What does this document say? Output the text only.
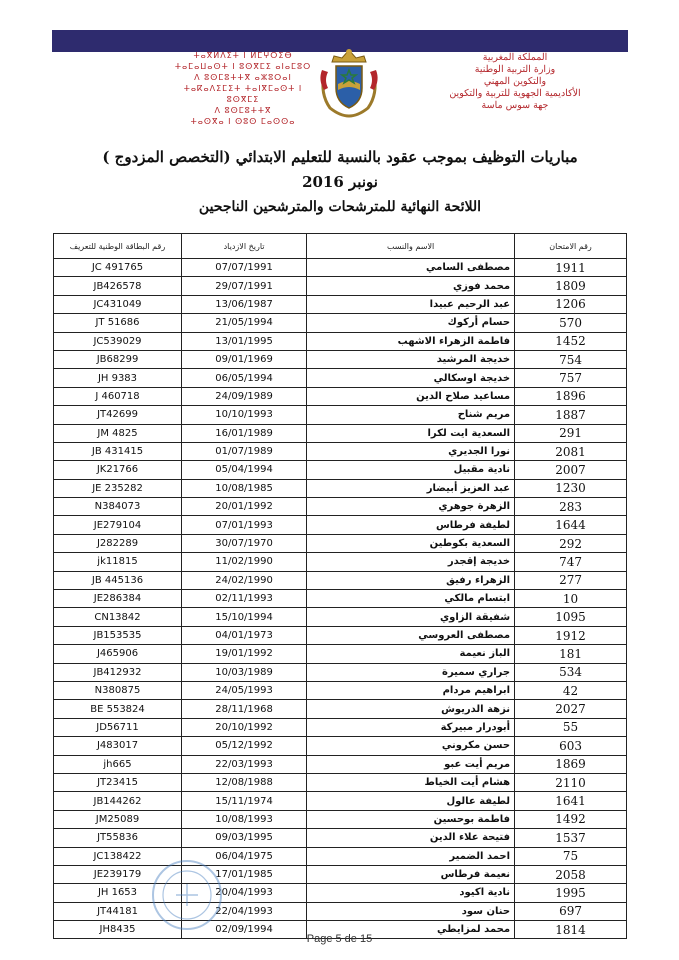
ⵜⴰⴳⵍⴷⵉⵜ ⵏ ⵍⵎⵖⵔⵉⴱ
ⵜⴰⵎⴰⵡⴰⵙⵜ ⵏ ⵓⵙⴳⵎⵉ ⴰⵏⴰⵎⵓⵔ
ⴷ ⵓⵙⵎⵓⵜⵜⴳ ⴰⵣⵓⵔⴰⵏ
ⵜⴰⴽⴰⴷⵉⵎⵉⵜ ⵜⴰⵏⴳⵎⴰⵙⵜ ⵏ ⵓⵙⴳⵎⵉ
ⴷ ⵓⵙⵎⵓⵜⵜⴳ
ⵜⴰⵙⴳⴰ ⵏ ⵙⵓⵙ ⵎⴰⵙⵙⴰ
المملكة المغربية
وزارة التربية الوطنية
والتكوين المهني
الأكاديمية الجهوية للتربية والتكوين
جهة سوس ماسة
مباريات التوظيف بموجب عقود بالنسبة للتعليم الابتدائي (التخصص المزدوج )
نونبر 2016
اللائحة النهائية للمترشحات والمترشحين الناجحين
رقم الامتحان	الاسم والنسب	تاريخ الازدياد	رقم البطاقة الوطنية للتعريف
1911	مصطفى السامي	07/07/1991	JC 491765
1809	محمد فوزي	29/07/1991	JB426578
1206	عبد الرحيم عبيدا	13/06/1987	JC431049
570	حسام أركوك	21/05/1994	JT 51686
1452	فاطمة الزهراء الاشهب	13/01/1995	JC539029
754	خديجة المرشيد	09/01/1969	JB68299
757	خديجة اوسكالي	06/05/1994	JH 9383
1896	مساعيد صلاح الدين	24/09/1989	J 460718
1887	مريم شناح	10/10/1993	JT42699
291	السعدية ايت لكرا	16/01/1989	JM 4825
2081	نورا الجديري	01/07/1989	JB 431415
2007	نادية مقبيل	05/04/1994	JK21766
1230	عبد العزيز أبيضار	10/08/1985	JE 235282
283	الزهرة جوهري	20/01/1992	N384073
1644	لطيفة فرطاس	07/01/1993	JE279104
292	السعدية بكوطين	30/07/1970	J282289
747	خديجة إقجدر	11/02/1990	jk11815
277	الزهراء رفيق	24/02/1990	JB 445136
10	ابتسام مالكي	02/11/1993	JE286384
1095	شفيقة الزاوي	15/10/1994	CN13842
1912	مصطفى العروسي	04/01/1973	JB153535
181	الباز نعيمة	19/01/1992	J465906
534	جراري سميرة	10/03/1989	JB412932
42	ابراهيم مردام	24/05/1993	N380875
2027	نزهة الدريوش	28/11/1968	BE 553824
55	أبودرار مبيركة	20/10/1992	JD56711
603	حسن مكروني	05/12/1992	J483017
1869	مريم أيت عبو	22/03/1993	jh665
2110	هشام أيت الخياط	12/08/1988	JT23415
1641	لطيفة عالول	15/11/1974	JB144262
1492	فاطمة بوحسين	10/08/1993	JM25089
1537	فتيحة علاء الدين	09/03/1995	JT55836
75	احمد الضمير	06/04/1975	JC138422
2058	نعيمة فرطاس	17/01/1985	JE239179
1995	نادية اكيود	20/04/1993	JH 1653
697	حنان سود	22/04/1993	JT44181
1814	محمد لمزايطي	02/09/1994	JH8435
Page 5 de 15
